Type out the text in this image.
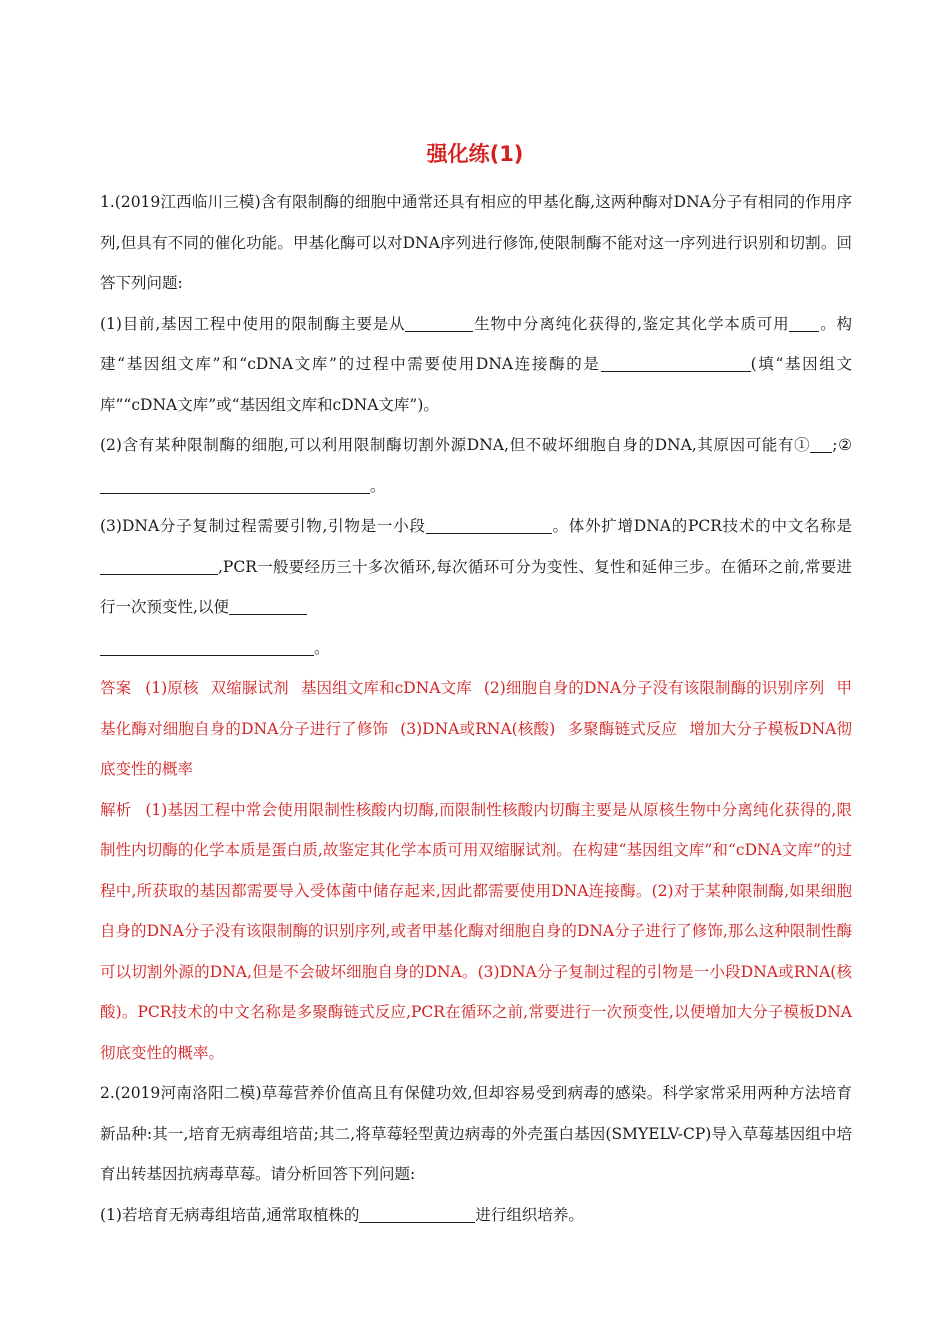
强化练(1)

1.(2019江西临川三模)含有限制酶的细胞中通常还具有相应的甲基化酶,这两种酶对DNA分子有相同的作用序列,但具有不同的催化功能。甲基化酶可以对DNA序列进行修饰,使限制酶不能对这一序列进行识别和切割。回答下列问题:

(1)目前,基因工程中使用的限制酶主要是从	生物中分离纯化获得的,鉴定其化学本质可用 。构建“基因组文库”和“cDNA文库”的过程中需要使用DNA连接酶的是	(填“基因组文库”“cDNA文库”或“基因组文库和cDNA文库”)。

(2)含有某种限制酶的细胞,可以利用限制酶切割外源DNA,但不破坏细胞自身的DNA,其原因可能有① ;②。

(3)DNA分子复制过程需要引物,引物是一小段	。体外扩增DNA的PCR技术的中文名称是,PCR一般要经历三十多次循环,每次循环可分为变性、复性和延伸三步。在循环之前,常要进行一次预变性,以便
。

答案 (1)原核 双缩脲试剂 基因组文库和cDNA文库 (2)细胞自身的DNA分子没有该限制酶的识别序列 甲基化酶对细胞自身的DNA分子进行了修饰 (3)DNA或RNA(核酸) 多聚酶链式反应 增加大分子模板DNA彻底变性的概率

解析 (1)基因工程中常会使用限制性核酸内切酶,而限制性核酸内切酶主要是从原核生物中分离纯化获得的,限制性内切酶的化学本质是蛋白质,故鉴定其化学本质可用双缩脲试剂。在构建“基因组文库”和“cDNA文库”的过程中,所获取的基因都需要导入受体菌中储存起来,因此都需要使用DNA连接酶。(2)对于某种限制酶,如果细胞自身的DNA分子没有该限制酶的识别序列,或者甲基化酶对细胞自身的DNA分子进行了修饰,那么这种限制性酶可以切割外源的DNA,但是不会破坏细胞自身的DNA。(3)DNA分子复制过程的引物是一小段DNA或RNA(核酸)。PCR技术的中文名称是多聚酶链式反应,PCR在循环之前,常要进行一次预变性,以便增加大分子模板DNA彻底变性的概率。

2.(2019河南洛阳二模)草莓营养价值高且有保健功效,但却容易受到病毒的感染。科学家常采用两种方法培育新品种:其一,培育无病毒组培苗;其二,将草莓轻型黄边病毒的外壳蛋白基因(SMYELV-CP)导入草莓基因组中培育出转基因抗病毒草莓。请分析回答下列问题:

(1)若培育无病毒组培苗,通常取植株的	进行组织培养。
